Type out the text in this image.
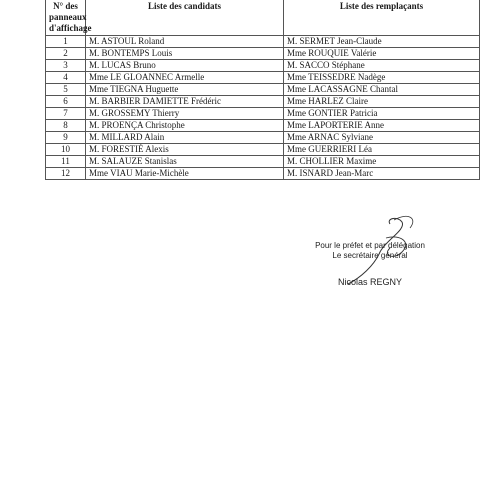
N° des
panneaux
d'affichage	Liste des candidats	Liste des remplaçants
1	M. ASTOUL Roland	M. SERMET Jean-Claude
2	M. BONTEMPS Louis	Mme ROUQUIE Valérie
3	M. LUCAS Bruno	M. SACCO Stéphane
4	Mme LE GLOANNEC Armelle	Mme TEISSEDRE Nadège
5	Mme TIEGNA Huguette	Mme LACASSAGNE Chantal
6	M. BARBIER DAMIETTE Frédéric	Mme HARLEZ Claire
7	M. GROSSEMY Thierry	Mme GONTIER Patricia
8	M. PROENÇA Christophe	Mme LAPORTERIE Anne
9	M. MILLARD Alain	Mme ARNAC Sylviane
10	M. FORESTIÉ Alexis	Mme GUERRIERI Léa
11	M. SALAUZE Stanislas	M. CHOLLIER Maxime
12	Mme VIAU Marie-Michèle	M. ISNARD Jean-Marc
Pour le préfet et par délégation
Le secrétaire général
Nicolas REGNY
